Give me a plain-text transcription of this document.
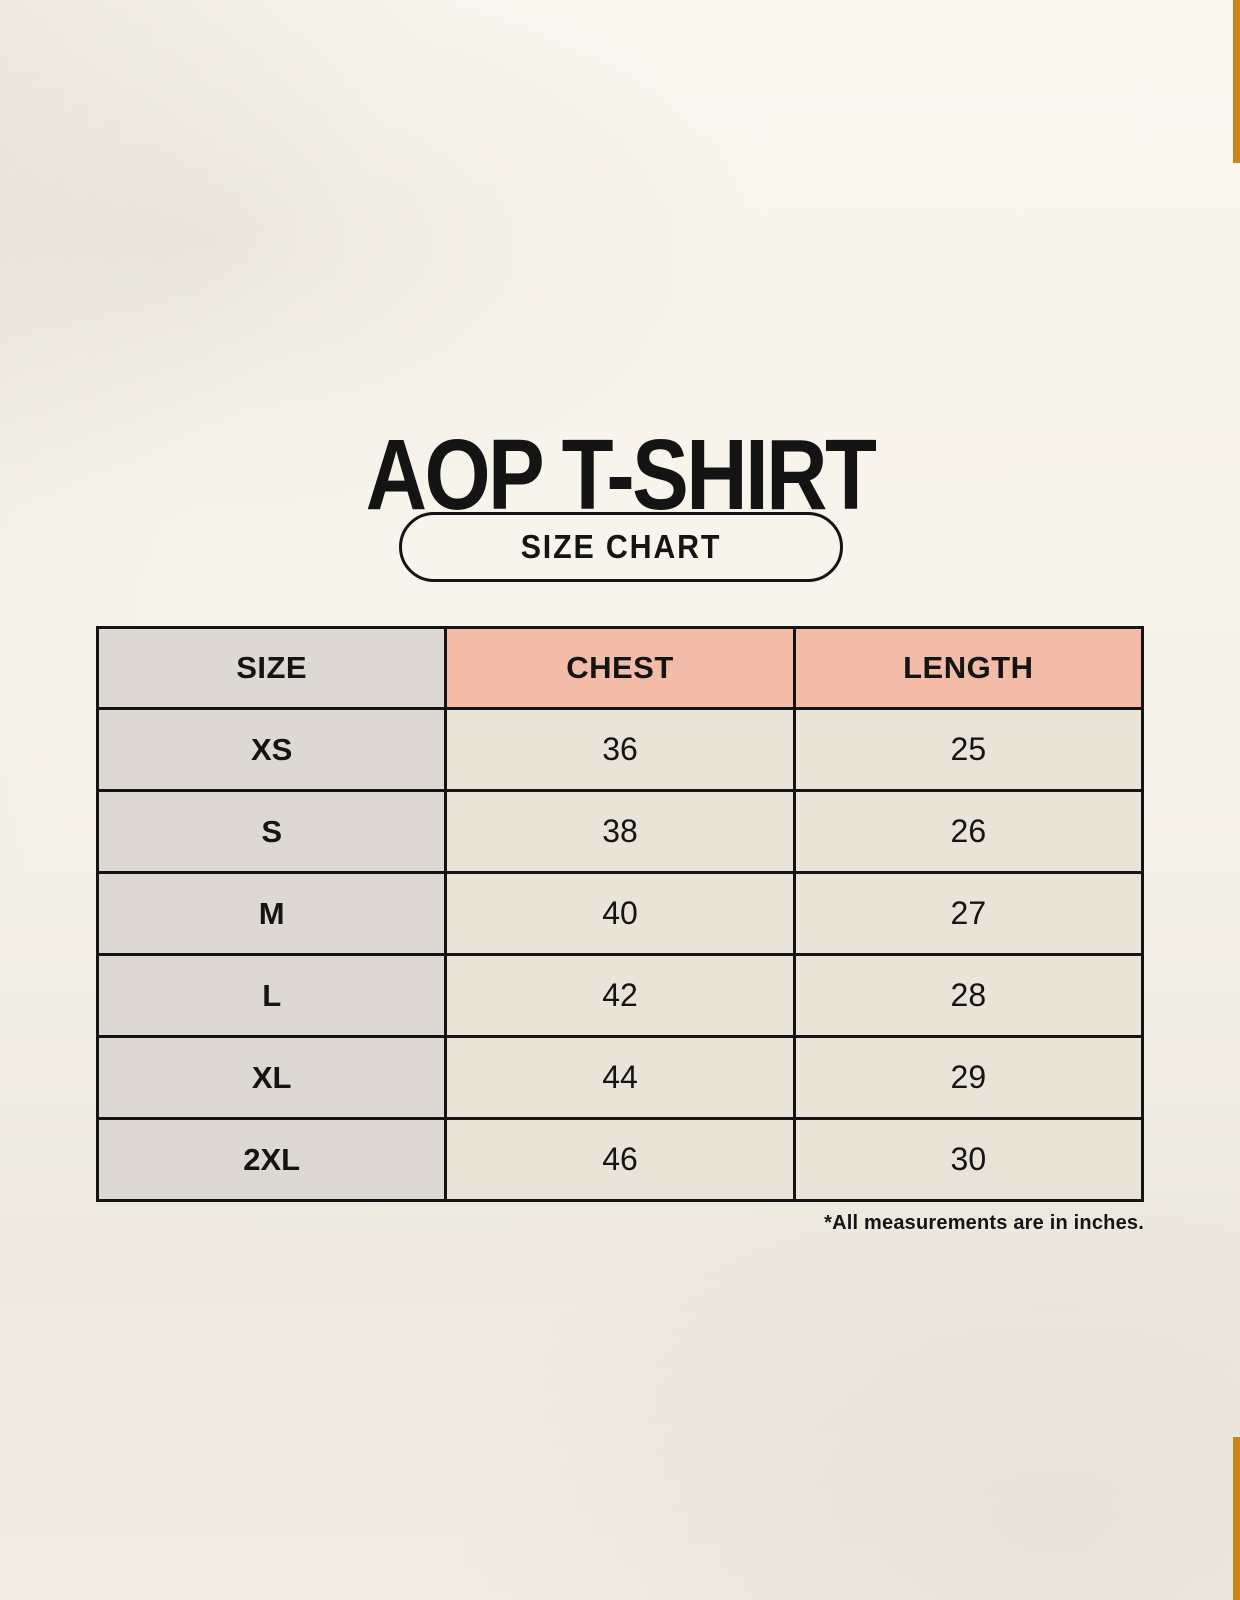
AOP T-SHIRT
SIZE CHART
SIZE	CHEST	LENGTH
XS	36	25
S	38	26
M	40	27
L	42	28
XL	44	29
2XL	46	30
*All measurements are in inches.
